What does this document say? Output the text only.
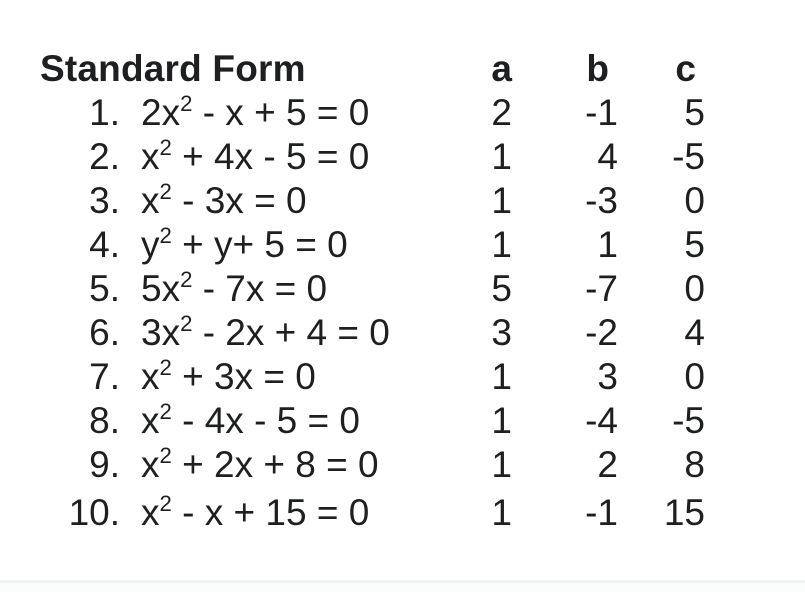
Standard Form	a	b	c
1. $2x^2 - x + 5 = 0$	2	-1	5
2. $x^2 + 4x - 5 = 0$	1	4	-5
3. $x^2 - 3x = 0$	1	-3	0
4. $y^2 + y+ 5 = 0$	1	1	5
5. $5x^2 - 7x = 0$	5	-7	0
6. $3x^2 - 2x + 4 = 0$	3	-2	4
7. $x^2 + 3x = 0$	1	3	0
8. $x^2 - 4x - 5 = 0$	1	-4	-5
9. $x^2 + 2x + 8 = 0$	1	2	8
10. $x^2 - x + 15 = 0$	1	-1	15
